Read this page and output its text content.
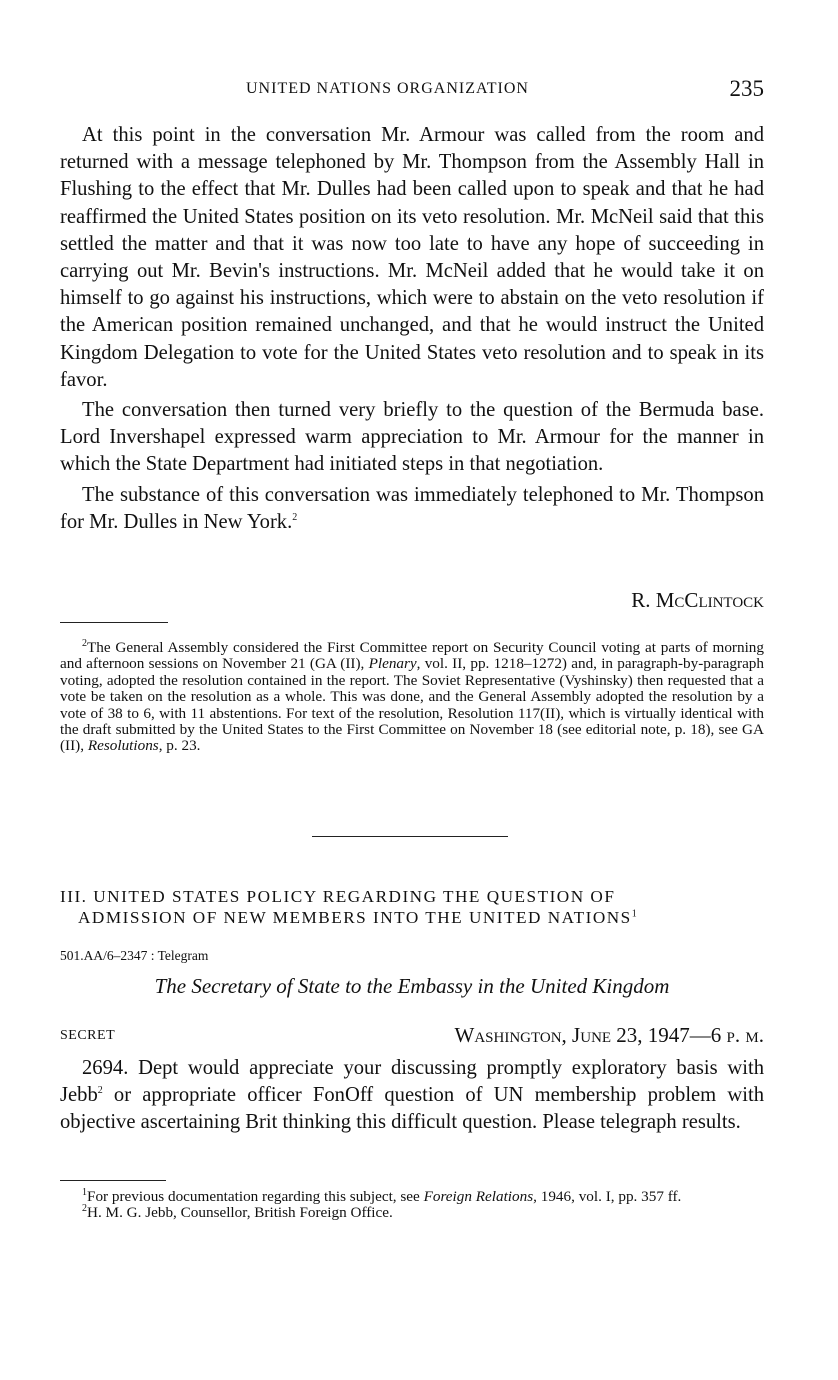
UNITED NATIONS ORGANIZATION	235

At this point in the conversation Mr. Armour was called from the room and returned with a message telephoned by Mr. Thompson from the Assembly Hall in Flushing to the effect that Mr. Dulles had been called upon to speak and that he had reaffirmed the United States position on its veto resolution. Mr. McNeil said that this settled the matter and that it was now too late to have any hope of succeeding in carrying out Mr. Bevin's instructions. Mr. McNeil added that he would take it on himself to go against his instructions, which were to abstain on the veto resolution if the American position remained unchanged, and that he would instruct the United Kingdom Delegation to vote for the United States veto resolution and to speak in its favor.

The conversation then turned very briefly to the question of the Bermuda base. Lord Invershapel expressed warm appreciation to Mr. Armour for the manner in which the State Department had initiated steps in that negotiation.

The substance of this conversation was immediately telephoned to Mr. Thompson for Mr. Dulles in New York.$^2$

R. McClintock

$^2$The General Assembly considered the First Committee report on Security Council voting at parts of morning and afternoon sessions on November 21 (GA (II), Plenary, vol. II, pp. 1218–1272) and, in paragraph-by-paragraph voting, adopted the resolution contained in the report. The Soviet Representative (Vyshinsky) then requested that a vote be taken on the resolution as a whole. This was done, and the General Assembly adopted the resolution by a vote of 38 to 6, with 11 abstentions. For text of the resolution, Resolution 117(II), which is virtually identical with the draft submitted by the United States to the First Committee on November 18 (see editorial note, p. 18), see GA (II), Resolutions, p. 23.

III. UNITED STATES POLICY REGARDING THE QUESTION OF
ADMISSION OF NEW MEMBERS INTO THE UNITED NATIONS$^1$
501.AA/6–2347 : Telegram
The Secretary of State to the Embassy in the United Kingdom
SECRET	Washington, June 23, 1947—6 p. m.

2694. Dept would appreciate your discussing promptly exploratory basis with Jebb$^2$ or appropriate officer FonOff question of UN membership problem with objective ascertaining Brit thinking this difficult question. Please telegraph results.

$^1$For previous documentation regarding this subject, see Foreign Relations, 1946, vol. I, pp. 357 ff.

$^2$H. M. G. Jebb, Counsellor, British Foreign Office.
